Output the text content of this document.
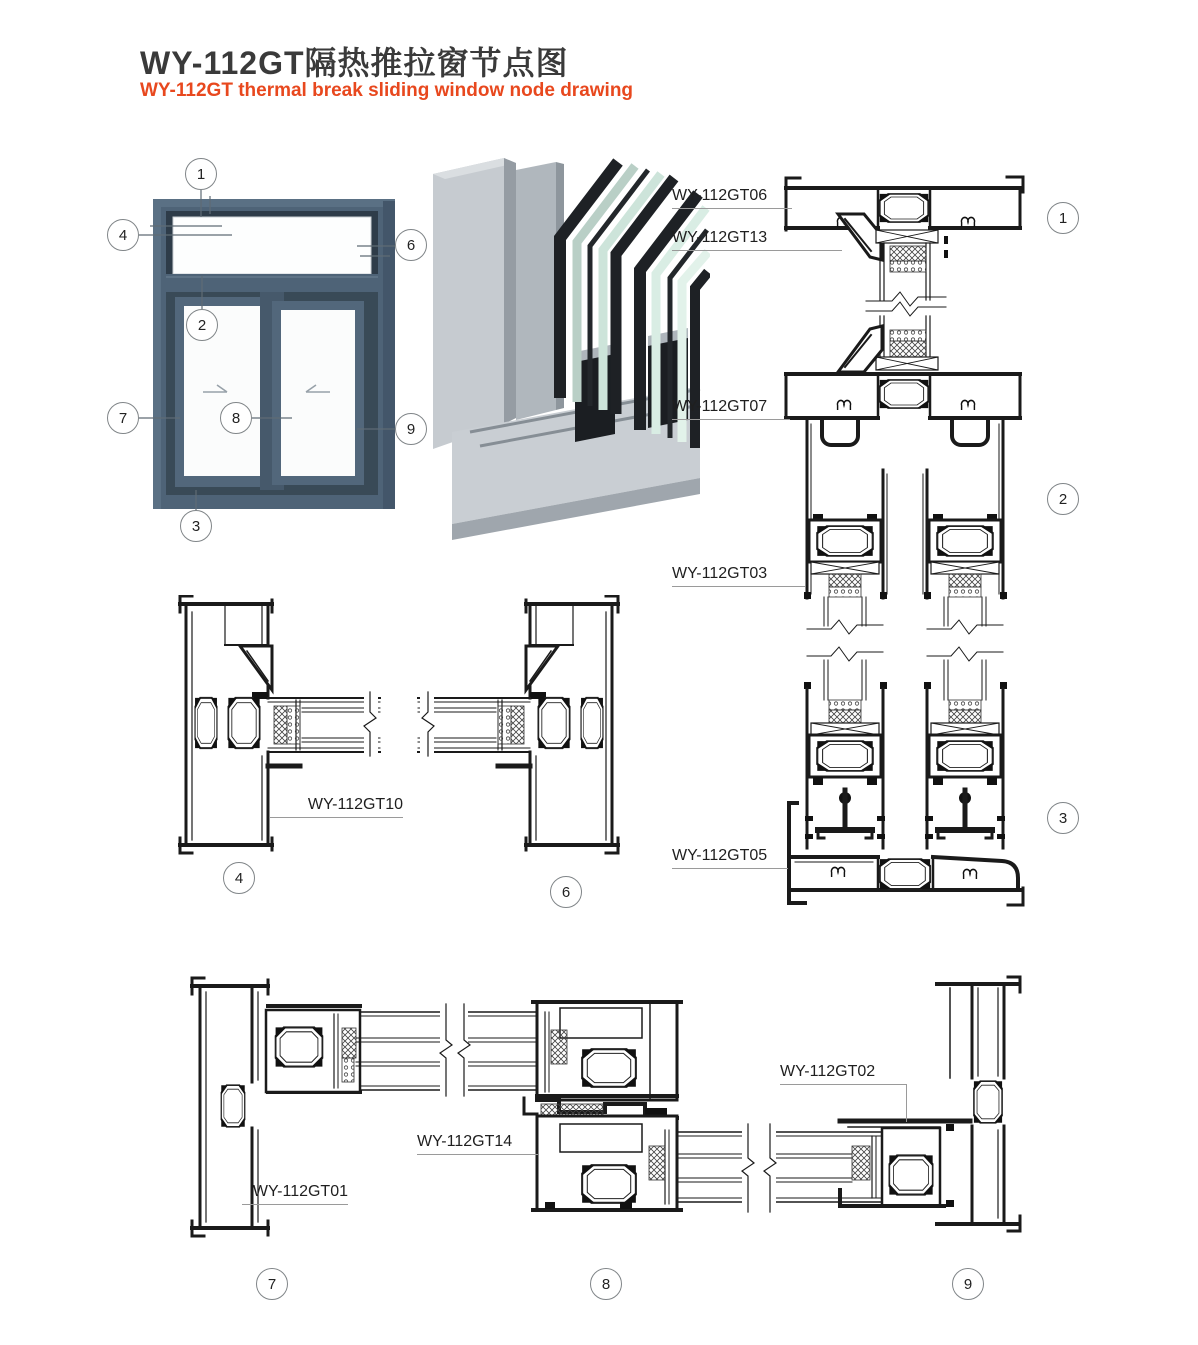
WY-112GT隔热推拉窗节点图
WY-112GT thermal break sliding window node drawing
WY-112GT06
WY-112GT13
WY-112GT07
WY-112GT03
WY-112GT05
WY-112GT10
WY-112GT01
WY-112GT14
WY-112GT02
1
2
3
4
6
7	8
9
1
2
3
4
6
7	8	9
